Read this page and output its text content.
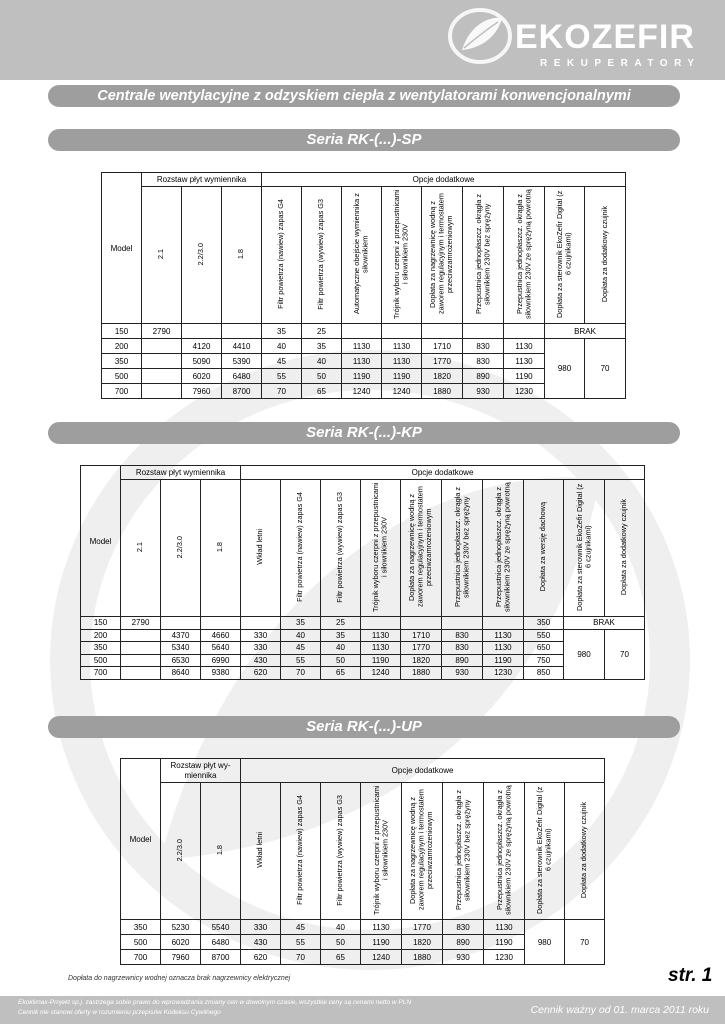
EKOZEFIR
REKUPERATORY
Centrale wentylacyjne z odzyskiem ciepła z wentylatorami konwencjonalnymi
Seria RK-(...)-SP
Model	Rozstaw płyt wymiennika			Opcje dodatkowe								
	2.1	2.2/3.0	1.8	Filtr powietrza (nawiew) zapas G4	Filtr powietrza (wywiew) zapas G3	Automatyczne obejście wymiennika z siłownikiem	Trójnik wyboru czerpni z przepustnicami i siłownikiem 230V	Dopłata za nagrzewnicę wodną z zaworem regulacyjnym i termostatem przeciwzamrożeniowym	Przepustnica jednopłaszcz. okrągła z siłownikiem 230V bez sprężyny	Przepustnica jednopłaszcz. okrągła z siłownikiem 230V ze sprężyną powrotną	Dopłata za sterownik EkoZefir Digital (z 6 czujnikami)	Dopłata za dodatkowy czujnik
150	2790			35	25						BRAK	
200		4120	4410	40	35	1130	1130	1710	830	1130	980	70
350		5090	5390	45	40	1130	1130	1770	830	1130		
500		6020	6480	55	50	1190	1190	1820	890	1190		
700		7960	8700	70	65	1240	1240	1880	930	1230		
Seria RK-(...)-KP
Model	Rozstaw płyt wymiennika			Opcje dodatkowe									
	2.1	2.2/3.0	1.8	Wkład letni	Filtr powietrza (nawiew) zapas G4	Filtr powietrza (wywiew) zapas G3	Trójnik wyboru czerpni z przepustnicami i siłownikiem 230V	Dopłata za nagrzewnicę wodną z zaworem regulacyjnym i termostatem przeciwzamrożeniowym	Przepustnica jednopłaszcz. okrągła z siłownikiem 230V bez sprężyny	Przepustnica jednopłaszcz. okrągła z siłownikiem 230V ze sprężyną powrotną	Dopłata za wersję dachową	Dopłata za sterownik EkoZefir Digital (z 6 czujnikami)	Dopłata za dodatkowy czujnik
150	2790				35	25					350	BRAK	
200		4370	4660	330	40	35	1130	1710	830	1130	550	980	70
350		5340	5640	330	45	40	1130	1770	830	1130	650		
500		6530	6990	430	55	50	1190	1820	890	1190	750		
700		8640	9380	620	70	65	1240	1880	930	1230	850		
Seria RK-(...)-UP
Model	Rozstaw płyt wy-miennika		Opcje dodatkowe								
	2.2/3.0	1.8	Wkład letni	Filtr powietrza (nawiew) zapas G4	Filtr powietrza (wywiew) zapas G3	Trójnik wyboru czerpni z przepustnicami i siłownikiem 230V	Dopłata za nagrzewnicę wodną z zaworem regulacyjnym i termostatem przeciwzamrożeniowym	Przepustnica jednopłaszcz. okrągła z siłownikiem 230V bez sprężyny	Przepustnica jednopłaszcz. okrągła z siłownikiem 230V ze sprężyną powrotną	Dopłata za sterownik EkoZefir Digital (z 6 czujnikami)	Dopłata za dodatkowy czujnik
350	5230	5540	330	45	40	1130	1770	830	1130	980	70
500	6020	6480	430	55	50	1190	1820	890	1190		
700	7960	8700	620	70	65	1240	1880	930	1230		
Dopłata do nagrzewnicy wodnej oznacza brak nagrzewnicy elektrycznej	str. 1
Ekoklimax-Projekt sp.j. zastrzega sobie prawo do wprowadzania zmiany cen w dowolnym czasie, wszystkie ceny są cenami netto w PLN
Cennik nie stanowi oferty w rozumieniu przepisów Kodeksu Cywilnego	Cennik ważny od 01. marca 2011 roku
